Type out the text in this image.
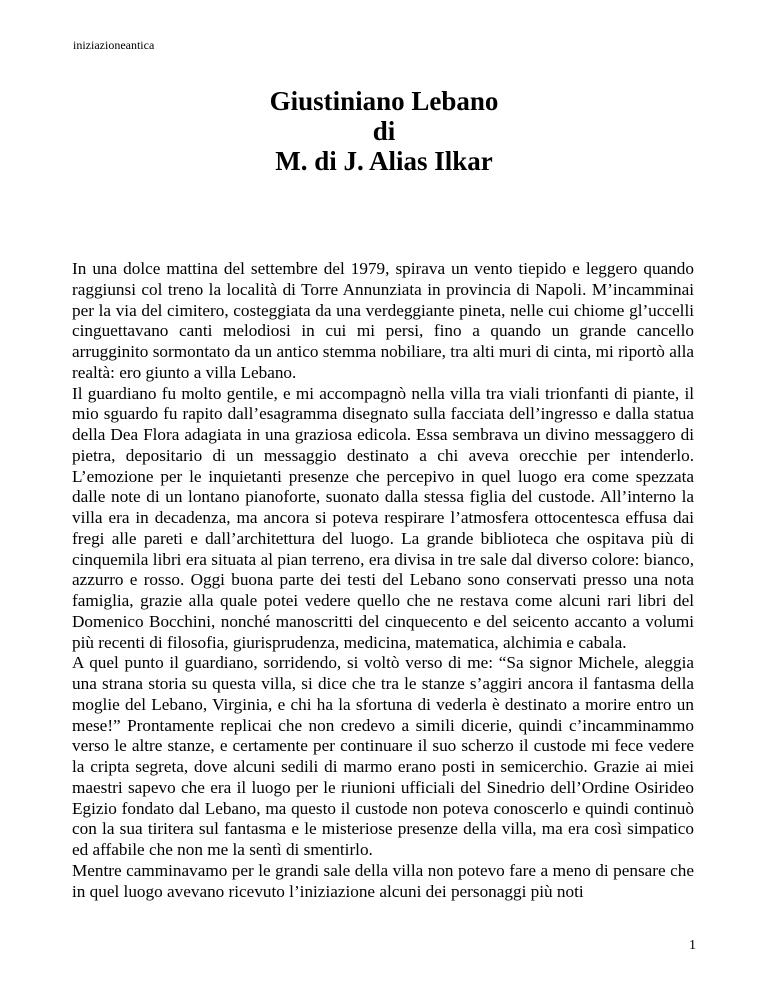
iniziazioneantica
Giustiniano Lebano
di
M. di J. Alias Ilkar

In una dolce mattina del settembre del 1979, spirava un vento tiepido e leggero quando raggiunsi col treno la località di Torre Annunziata in provincia di Napoli. M’incamminai per la via del cimitero, costeggiata da una verdeggiante pineta, nelle cui chiome gl’uccelli cinguettavano canti melodiosi in cui mi persi, fino a quando un grande cancello arrugginito sormontato da un antico stemma nobiliare, tra alti muri di cinta, mi riportò alla realtà: ero giunto a villa Lebano.

Il guardiano fu molto gentile, e mi accompagnò nella villa tra viali trionfanti di piante, il mio sguardo fu rapito dall’esagramma disegnato sulla facciata dell’ingresso e dalla statua della Dea Flora adagiata in una graziosa edicola. Essa sembrava un divino messaggero di pietra, depositario di un messaggio destinato a chi aveva orecchie per intenderlo. L’emozione per le inquietanti presenze che percepivo in quel luogo era come spezzata dalle note di un lontano pianoforte, suonato dalla stessa figlia del custode. All’interno la villa era in decadenza, ma ancora si poteva respirare l’atmosfera ottocentesca effusa dai fregi alle pareti e dall’architettura del luogo. La grande biblioteca che ospitava più di cinquemila libri era situata al pian terreno, era divisa in tre sale dal diverso colore: bianco, azzurro e rosso. Oggi buona parte dei testi del Lebano sono conservati presso una nota famiglia, grazie alla quale potei vedere quello che ne restava come alcuni rari libri del Domenico Bocchini, nonché manoscritti del cinquecento e del seicento accanto a volumi più recenti di filosofia, giurisprudenza, medicina, matematica, alchimia e cabala.

A quel punto il guardiano, sorridendo, si voltò verso di me: “Sa signor Michele, aleggia una strana storia su questa villa, si dice che tra le stanze s’aggiri ancora il fantasma della moglie del Lebano, Virginia, e chi ha la sfortuna di vederla è destinato a morire entro un mese!” Prontamente replicai che non credevo a simili dicerie, quindi c’incamminammo verso le altre stanze, e certamente per continuare il suo scherzo il custode mi fece vedere la cripta segreta, dove alcuni sedili di marmo erano posti in semicerchio. Grazie ai miei maestri sapevo che era il luogo per le riunioni ufficiali del Sinedrio dell’Ordine Osirideo Egizio fondato dal Lebano, ma questo il custode non poteva conoscerlo e quindi continuò con la sua tiritera sul fantasma e le misteriose presenze della villa, ma era così simpatico ed affabile che non me la sentì di smentirlo.

Mentre camminavamo per le grandi sale della villa non potevo fare a meno di pensare che in quel luogo avevano ricevuto l’iniziazione alcuni dei personaggi più noti

1
